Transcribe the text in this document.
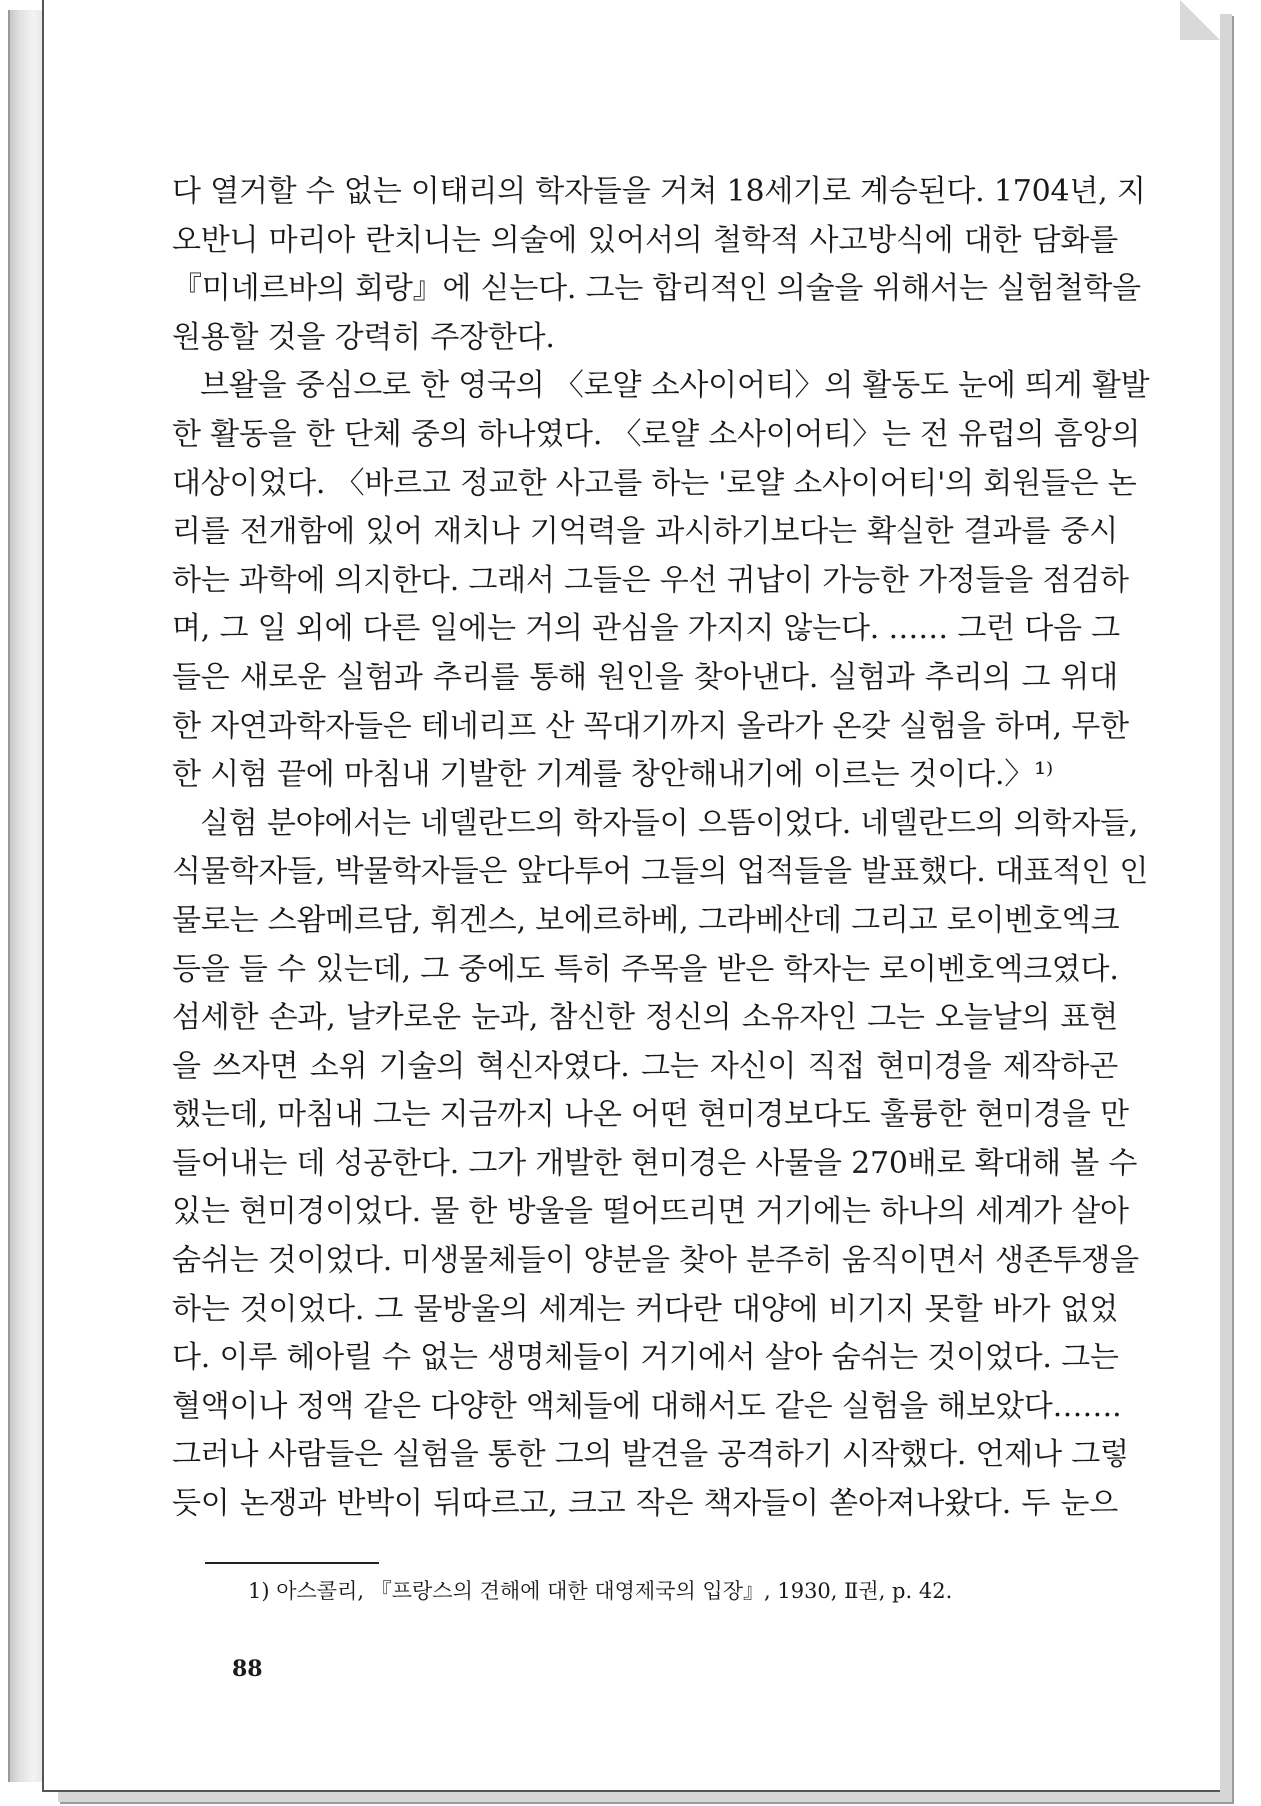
다 열거할 수 없는 이태리의 학자들을 거쳐 18세기로 계승된다. 1704년, 지
오반니 마리아 란치니는 의술에 있어서의 철학적 사고방식에 대한 담화를
『미네르바의 회랑』에 싣는다. 그는 합리적인 의술을 위해서는 실험철학을
원용할 것을 강력히 주장한다.
브왈을 중심으로 한 영국의 〈로얄 소사이어티〉의 활동도 눈에 띄게 활발
한 활동을 한 단체 중의 하나였다. 〈로얄 소사이어티〉는 전 유럽의 흠앙의
대상이었다. 〈바르고 정교한 사고를 하는 '로얄 소사이어티'의 회원들은 논
리를 전개함에 있어 재치나 기억력을 과시하기보다는 확실한 결과를 중시
하는 과학에 의지한다. 그래서 그들은 우선 귀납이 가능한 가정들을 점검하
며, 그 일 외에 다른 일에는 거의 관심을 가지지 않는다. …… 그런 다음 그
들은 새로운 실험과 추리를 통해 원인을 찾아낸다. 실험과 추리의 그 위대
한 자연과학자들은 테네리프 산 꼭대기까지 올라가 온갖 실험을 하며, 무한
한 시험 끝에 마침내 기발한 기계를 창안해내기에 이르는 것이다.〉¹⁾
실험 분야에서는 네델란드의 학자들이 으뜸이었다. 네델란드의 의학자들,
식물학자들, 박물학자들은 앞다투어 그들의 업적들을 발표했다. 대표적인 인
물로는 스왐메르담, 휘겐스, 보에르하베, 그라베산데 그리고 로이벤호엑크
등을 들 수 있는데, 그 중에도 특히 주목을 받은 학자는 로이벤호엑크였다.
섬세한 손과, 날카로운 눈과, 참신한 정신의 소유자인 그는 오늘날의 표현
을 쓰자면 소위 기술의 혁신자였다. 그는 자신이 직접 현미경을 제작하곤
했는데, 마침내 그는 지금까지 나온 어떤 현미경보다도 훌륭한 현미경을 만
들어내는 데 성공한다. 그가 개발한 현미경은 사물을 270배로 확대해 볼 수
있는 현미경이었다. 물 한 방울을 떨어뜨리면 거기에는 하나의 세계가 살아
숨쉬는 것이었다. 미생물체들이 양분을 찾아 분주히 움직이면서 생존투쟁을
하는 것이었다. 그 물방울의 세계는 커다란 대양에 비기지 못할 바가 없었
다. 이루 헤아릴 수 없는 생명체들이 거기에서 살아 숨쉬는 것이었다. 그는
혈액이나 정액 같은 다양한 액체들에 대해서도 같은 실험을 해보았다…….
그러나 사람들은 실험을 통한 그의 발견을 공격하기 시작했다. 언제나 그렇
듯이 논쟁과 반박이 뒤따르고, 크고 작은 책자들이 쏟아져나왔다. 두 눈으
1) 아스콜리, 『프랑스의 견해에 대한 대영제국의 입장』, 1930, Ⅱ권, p. 42.
88
